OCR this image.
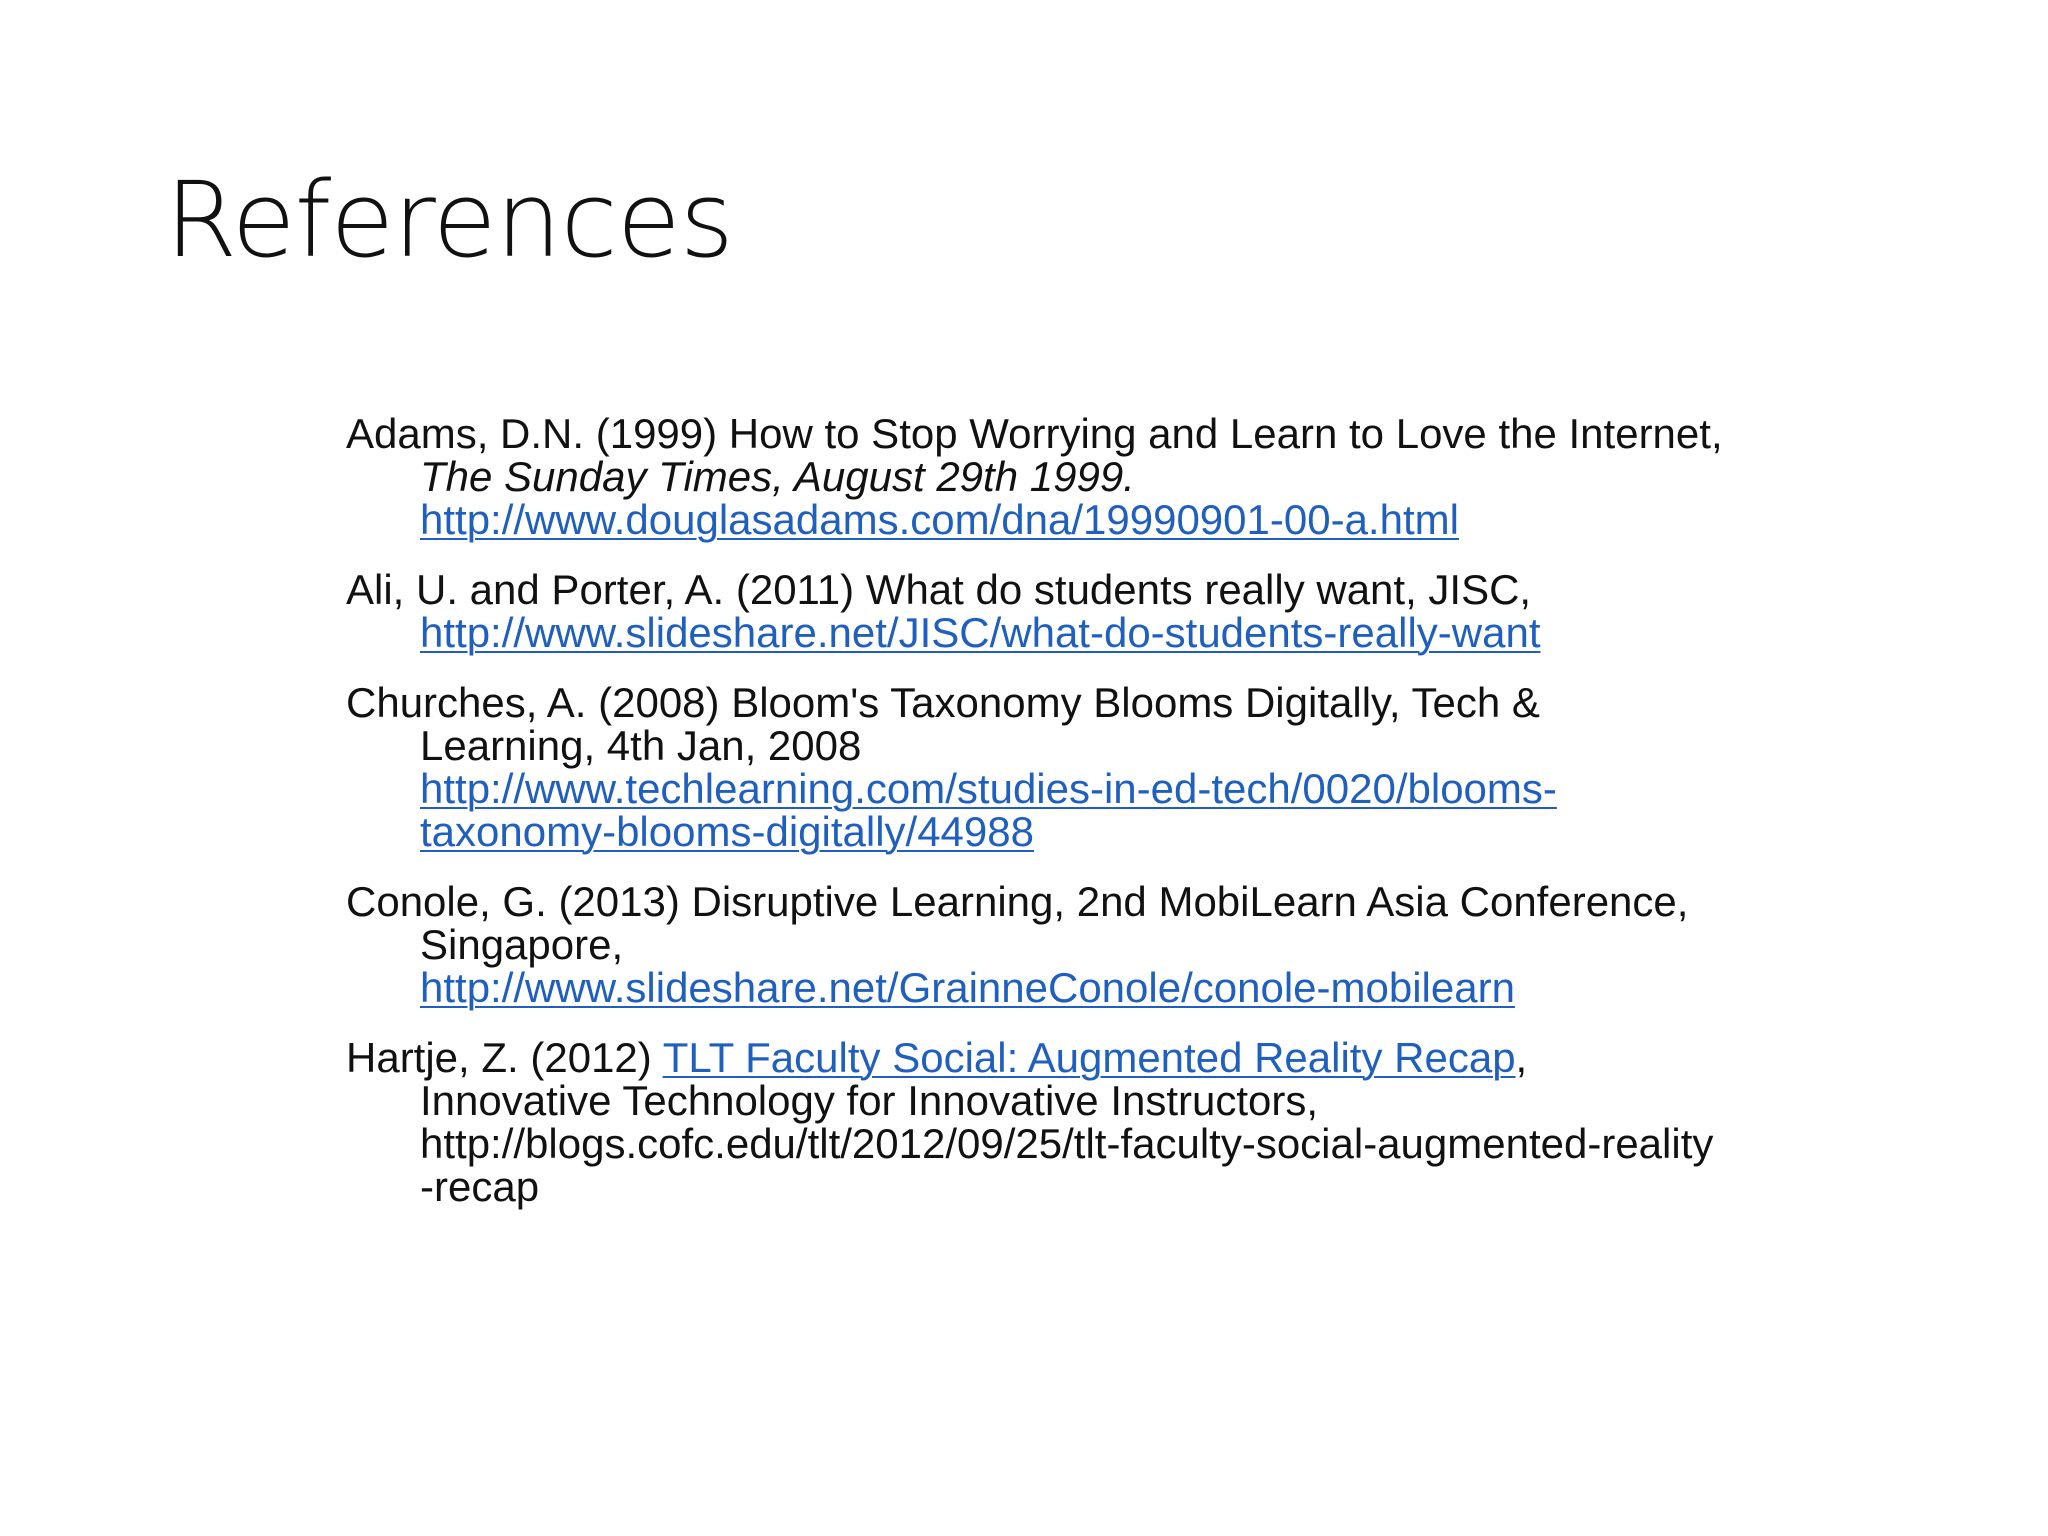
References
Adams, D.N. (1999) How to Stop Worrying and Learn to Love the Internet, The Sunday Times, August 29th 1999.
http://www.douglasadams.com/dna/19990901-00-a.html
Ali, U. and Porter, A. (2011) What do students really want, JISC,
http://www.slideshare.net/JISC/what-do-students-really-want
Churches, A. (2008) Bloom's Taxonomy Blooms Digitally, Tech & Learning, 4th Jan, 2008
http://www.techlearning.com/studies-in-ed-tech/0020/blooms-taxonomy-blooms-digitally/44988
Conole, G. (2013) Disruptive Learning, 2nd MobiLearn Asia Conference, Singapore,
http://www.slideshare.net/GrainneConole/conole-mobilearn
Hartje, Z. (2012) TLT Faculty Social: Augmented Reality Recap,
Innovative Technology for Innovative Instructors,
http://blogs.cofc.edu/tlt/2012/09/25/tlt-faculty-social-augmented-reality-recap
